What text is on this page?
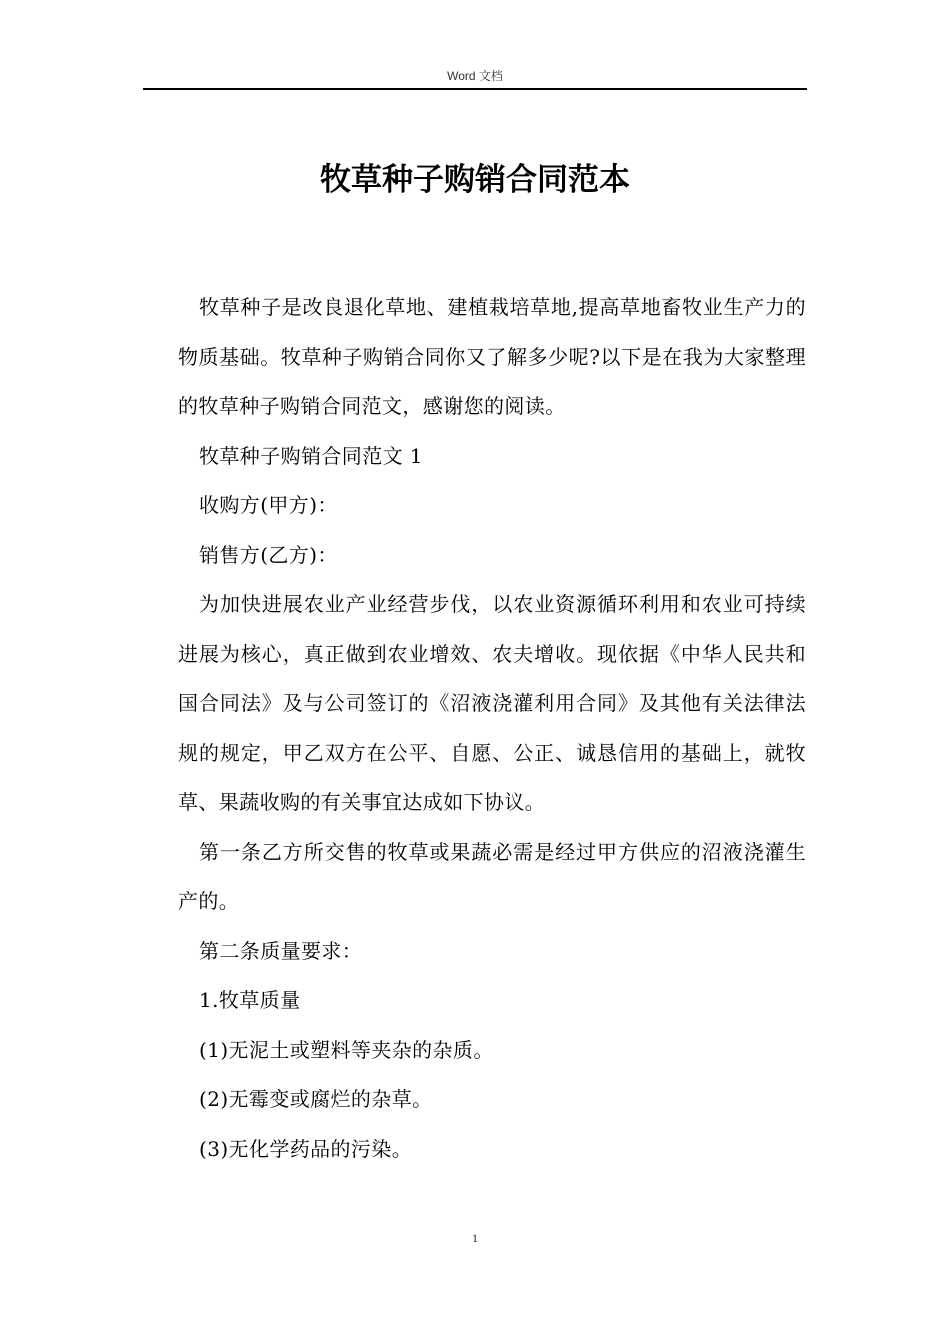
Word 文档
牧草种子购销合同范本

牧草种子是改良退化草地、建植栽培草地,提高草地畜牧业生产力的物质基础。牧草种子购销合同你又了解多少呢?以下是在我为大家整理的牧草种子购销合同范文，感谢您的阅读。

牧草种子购销合同范文 1

收购方(甲方)：

销售方(乙方)：

为加快进展农业产业经营步伐，以农业资源循环利用和农业可持续进展为核心，真正做到农业增效、农夫增收。现依据《中华人民共和国合同法》及与公司签订的《沼液浇灌利用合同》及其他有关法律法规的规定，甲乙双方在公平、自愿、公正、诚恳信用的基础上，就牧草、果蔬收购的有关事宜达成如下协议。

第一条乙方所交售的牧草或果蔬必需是经过甲方供应的沼液浇灌生产的。

第二条质量要求：

1.牧草质量

(1)无泥土或塑料等夹杂的杂质。

(2)无霉变或腐烂的杂草。

(3)无化学药品的污染。

1
